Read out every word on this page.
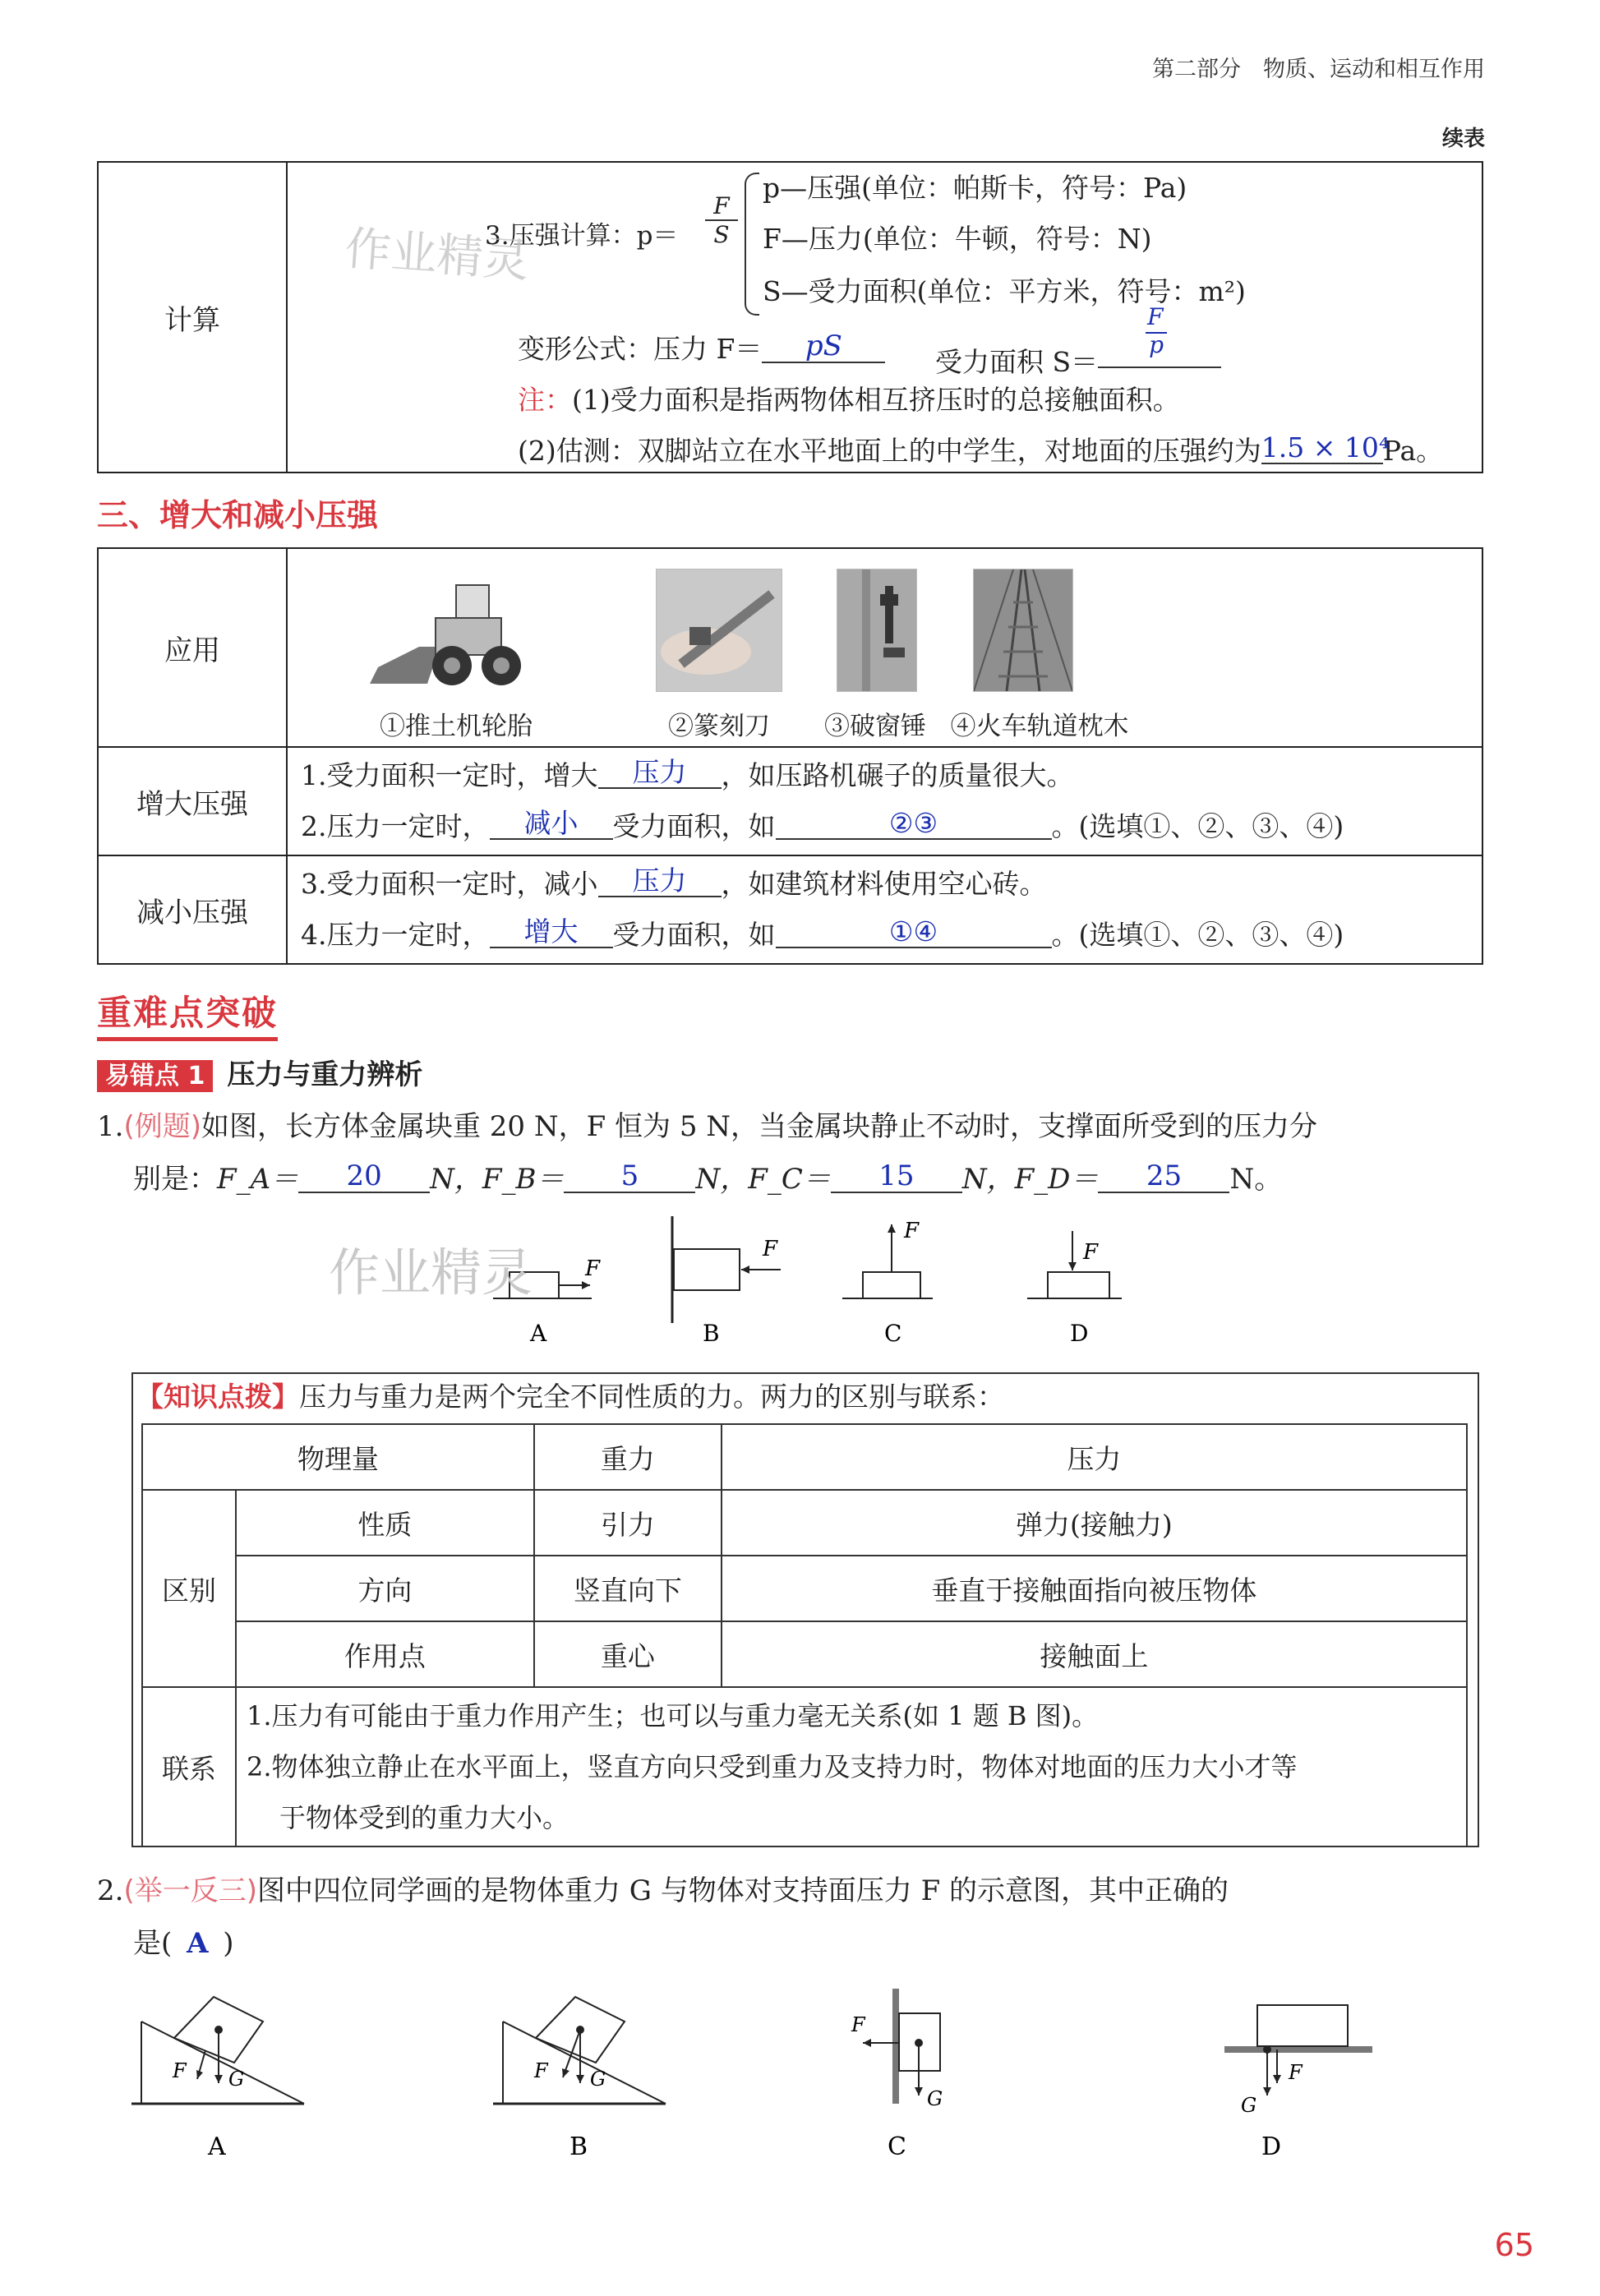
第二部分　物质、运动和相互作用
续表
计算	
3.压强计算：p＝
F
S
p—压强(单位：帕斯卡，符号：Pa)
F—压力(单位：牛顿，符号：N)
S—受力面积(单位：平方米，符号：m²)
变形公式：压力 F＝ pS	受力面积 $S= \frac{F}{p}$
注：(1)受力面积是指两物体相互挤压时的总接触面积。
(2)估测：双脚站立在水平地面上的中学生，对地面的压强约为1.5 × 10⁴Pa。
作业精灵
三、增大和减小压强
应用	①推土机轮胎 ②篆刻刀 ③破窗锤 ④火车轨道枕木

增大压强	1.受力面积一定时，增大 压力 ，如压路机碾子的质量很大。
2.压力一定时， 减小 受力面积，如 ②③ 。(选填①、②、③、④)

减小压强	3.受力面积一定时，减小 压力 ，如建筑材料使用空心砖。
4.压力一定时， 增大 受力面积，如 ①④ 。(选填①、②、③、④)
重难点突破
易错点 1 压力与重力辨析
1.(例题)如图，长方体金属块重 20 N，F 恒为 5 N，当金属块静止不动时，支撑面所受到的压力分
别是：F_A＝ 20 N，F_B＝ 5 N，F_C＝ 15 N，F_D＝ 25 N。
F
A
作业精灵	F
B
F
C
F
D
【知识点拨】压力与重力是两个完全不同性质的力。两力的区别与联系：
物理量		重力	压力
区别	性质	引力	弹力(接触力)
	方向	竖直向下	垂直于接触面指向被压物体
	作用点	重心	接触面上
联系	1.压力有可能由于重力作用产生；也可以与重力毫无关系(如 1 题 B 图)。
2.物体独立静止在水平面上，竖直方向只受到重力及支持力时，物体对地面的压力大小才等
于物体受到的重力大小。		
2.(举一反三)图中四位同学画的是物体重力 G 与物体对支持面压力 F 的示意图，其中正确的
是( A )
F G
A
F G
B
F
G
C
F
G
D
65
